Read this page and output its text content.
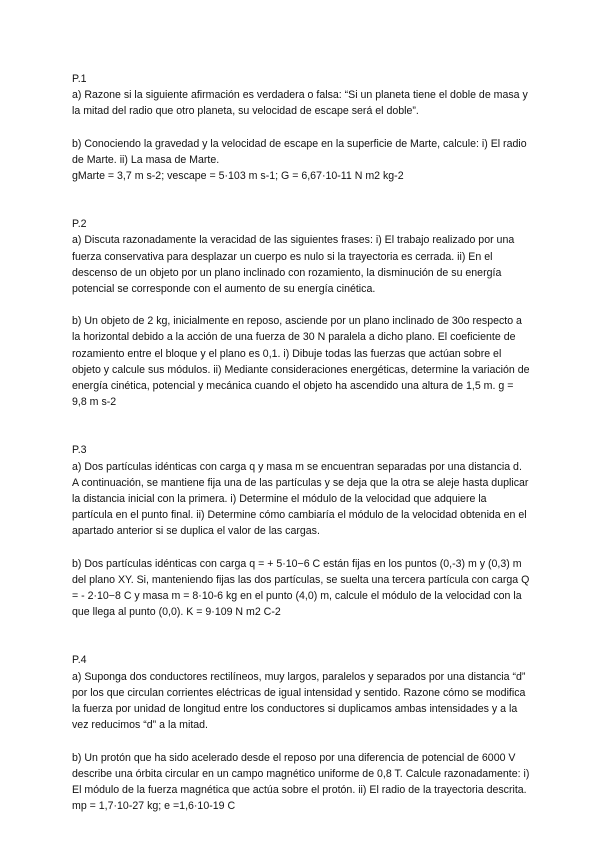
P.1

a) Razone si la siguiente afirmación es verdadera o falsa: “Si un planeta tiene el doble de masa y la mitad del radio que otro planeta, su velocidad de escape será el doble”.

b) Conociendo la gravedad y la velocidad de escape en la superficie de Marte, calcule: i) El radio de Marte. ii) La masa de Marte.

gMarte = 3,7 m s-2; vescape = 5·103 m s-1; G = 6,67·10-11 N m2 kg-2

P.2

a) Discuta razonadamente la veracidad de las siguientes frases: i) El trabajo realizado por una fuerza conservativa para desplazar un cuerpo es nulo si la trayectoria es cerrada. ii) En el descenso de un objeto por un plano inclinado con rozamiento, la disminución de su energía potencial se corresponde con el aumento de su energía cinética.

b) Un objeto de 2 kg, inicialmente en reposo, asciende por un plano inclinado de 30o respecto a la horizontal debido a la acción de una fuerza de 30 N paralela a dicho plano. El coeficiente de rozamiento entre el bloque y el plano es 0,1. i) Dibuje todas las fuerzas que actúan sobre el objeto y calcule sus módulos. ii) Mediante consideraciones energéticas, determine la variación de energía cinética, potencial y mecánica cuando el objeto ha ascendido una altura de 1,5 m. g = 9,8 m s-2

P.3

a) Dos partículas idénticas con carga q y masa m se encuentran separadas por una distancia d. A continuación, se mantiene fija una de las partículas y se deja que la otra se aleje hasta duplicar la distancia inicial con la primera. i) Determine el módulo de la velocidad que adquiere la partícula en el punto final. ii) Determine cómo cambiaría el módulo de la velocidad obtenida en el apartado anterior si se duplica el valor de las cargas.

b) Dos partículas idénticas con carga q = + 5·10−6 C están fijas en los puntos (0,-3) m y (0,3) m del plano XY. Si, manteniendo fijas las dos partículas, se suelta una tercera partícula con carga Q = - 2·10−8 C y masa m = 8·10-6 kg en el punto (4,0) m, calcule el módulo de la velocidad con la que llega al punto (0,0). K = 9·109 N m2 C-2

P.4

a) Suponga dos conductores rectilíneos, muy largos, paralelos y separados por una distancia “d” por los que circulan corrientes eléctricas de igual intensidad y sentido. Razone cómo se modifica la fuerza por unidad de longitud entre los conductores si duplicamos ambas intensidades y a la vez reducimos “d” a la mitad.

b) Un protón que ha sido acelerado desde el reposo por una diferencia de potencial de 6000 V describe una órbita circular en un campo magnético uniforme de 0,8 T. Calcule razonadamente: i) El módulo de la fuerza magnética que actúa sobre el protón. ii) El radio de la trayectoria descrita. mp = 1,7·10-27 kg; e =1,6·10-19 C
